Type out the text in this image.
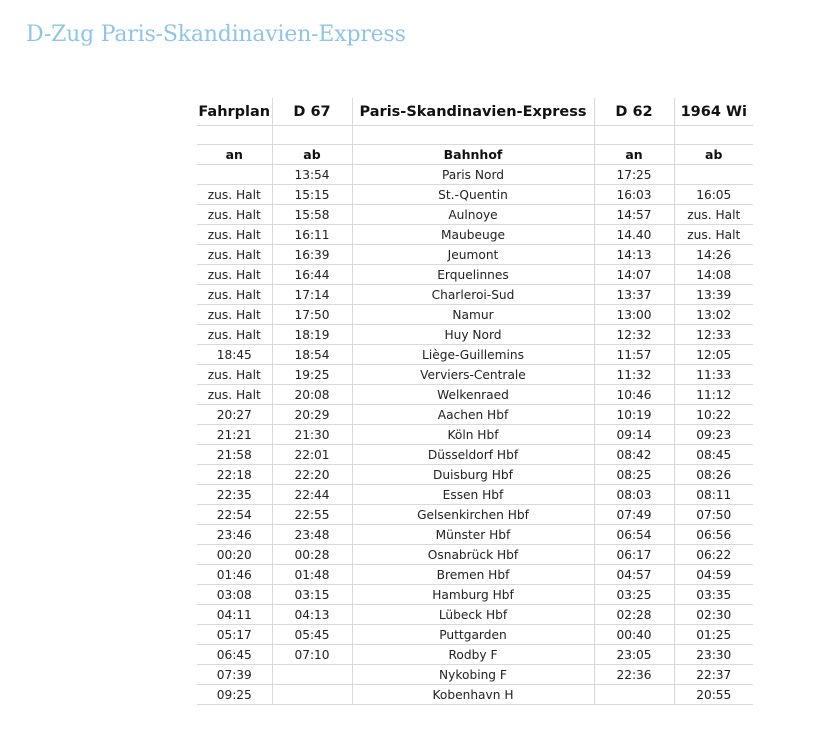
D-Zug Paris-Skandinavien-Express
Fahrplan	D 67	Paris-Skandinavien-Express	D 62	1964 Wi

an	ab	Bahnhof	an	ab
	13:54	Paris Nord	17:25	
zus. Halt	15:15	St.-Quentin	16:03	16:05
zus. Halt	15:58	Aulnoye	14:57	zus. Halt
zus. Halt	16:11	Maubeuge	14.40	zus. Halt
zus. Halt	16:39	Jeumont	14:13	14:26
zus. Halt	16:44	Erquelinnes	14:07	14:08
zus. Halt	17:14	Charleroi-Sud	13:37	13:39
zus. Halt	17:50	Namur	13:00	13:02
zus. Halt	18:19	Huy Nord	12:32	12:33
18:45	18:54	Liège-Guillemins	11:57	12:05
zus. Halt	19:25	Verviers-Centrale	11:32	11:33
zus. Halt	20:08	Welkenraed	10:46	11:12
20:27	20:29	Aachen Hbf	10:19	10:22
21:21	21:30	Köln Hbf	09:14	09:23
21:58	22:01	Düsseldorf Hbf	08:42	08:45
22:18	22:20	Duisburg Hbf	08:25	08:26
22:35	22:44	Essen Hbf	08:03	08:11
22:54	22:55	Gelsenkirchen Hbf	07:49	07:50
23:46	23:48	Münster Hbf	06:54	06:56
00:20	00:28	Osnabrück Hbf	06:17	06:22
01:46	01:48	Bremen Hbf	04:57	04:59
03:08	03:15	Hamburg Hbf	03:25	03:35
04:11	04:13	Lübeck Hbf	02:28	02:30
05:17	05:45	Puttgarden	00:40	01:25
06:45	07:10	Rodby F	23:05	23:30
07:39		Nykobing F	22:36	22:37
09:25		Kobenhavn H		20:55
